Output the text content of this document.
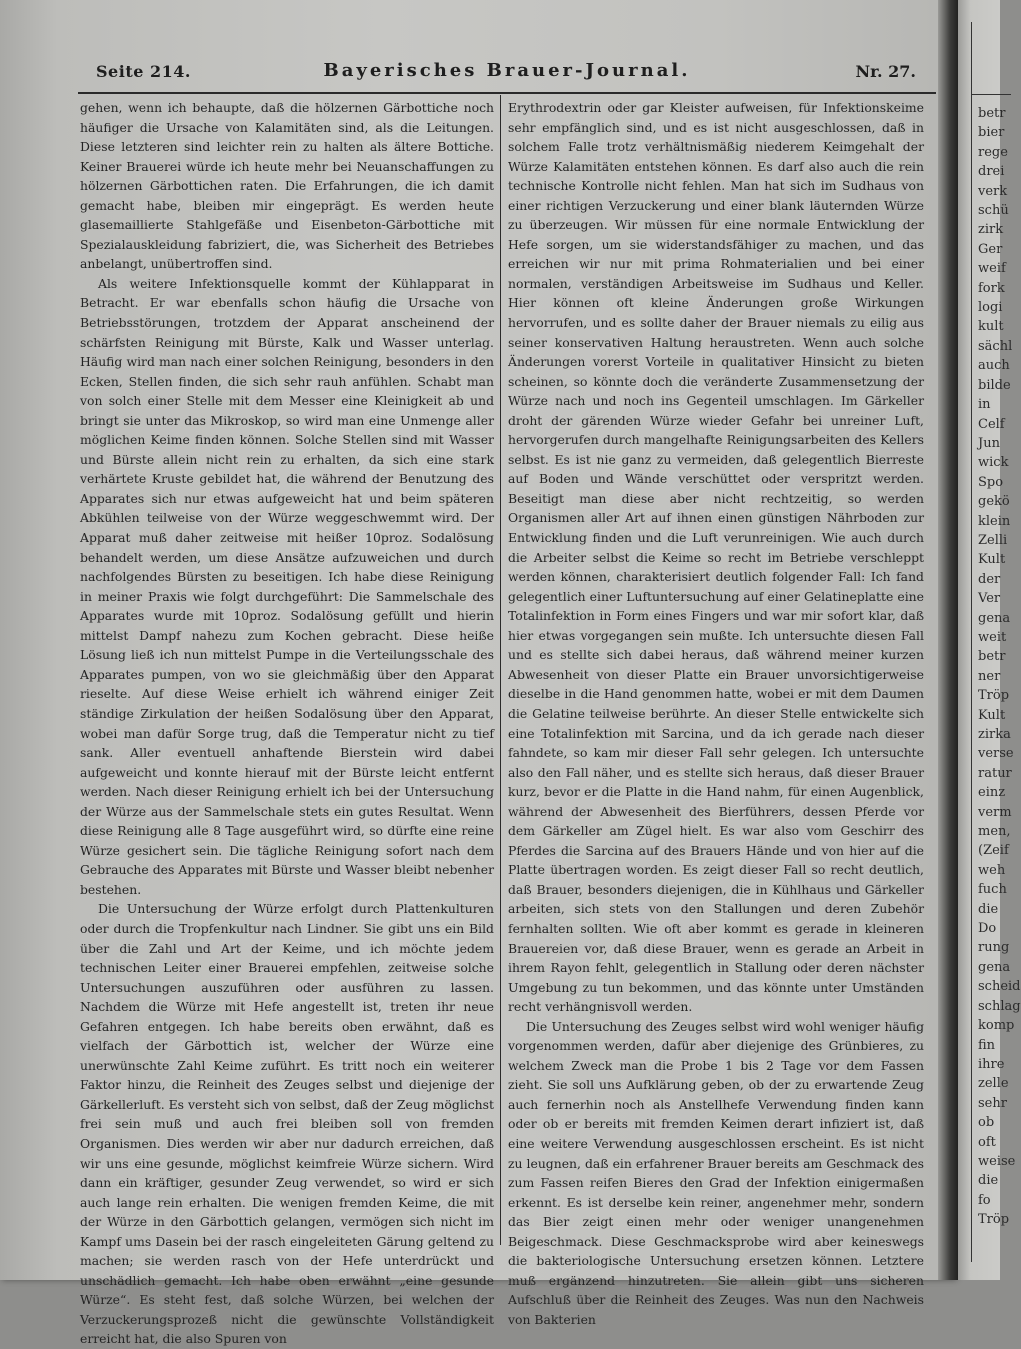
Seite 214.	Bayerisches Brauer-Journal.	Nr. 27.

gehen, wenn ich behaupte, daß die hölzernen Gärbottiche noch häufiger die Ursache von Kalamitäten sind, als die Leitungen. Diese letzteren sind leichter rein zu halten als ältere Bottiche. Keiner Brauerei würde ich heute mehr bei Neuanschaffungen zu hölzernen Gärbottichen raten. Die Erfahrungen, die ich damit gemacht habe, bleiben mir eingeprägt. Es werden heute glasemaillierte Stahlgefäße und Eisenbeton-Gärbottiche mit Spezialauskleidung fabriziert, die, was Sicherheit des Betriebes anbelangt, unübertroffen sind.

Als weitere Infektionsquelle kommt der Kühlapparat in Betracht. Er war ebenfalls schon häufig die Ursache von Betriebsstörungen, trotzdem der Apparat anscheinend der schärfsten Reinigung mit Bürste, Kalk und Wasser unterlag. Häufig wird man nach einer solchen Reinigung, besonders in den Ecken, Stellen finden, die sich sehr rauh anfühlen. Schabt man von solch einer Stelle mit dem Messer eine Kleinigkeit ab und bringt sie unter das Mikroskop, so wird man eine Unmenge aller möglichen Keime finden können. Solche Stellen sind mit Wasser und Bürste allein nicht rein zu erhalten, da sich eine stark verhärtete Kruste gebildet hat, die während der Benutzung des Apparates sich nur etwas aufgeweicht hat und beim späteren Abkühlen teilweise von der Würze weggeschwemmt wird. Der Apparat muß daher zeitweise mit heißer 10proz. Sodalösung behandelt werden, um diese Ansätze aufzuweichen und durch nachfolgendes Bürsten zu beseitigen. Ich habe diese Reinigung in meiner Praxis wie folgt durchgeführt: Die Sammelschale des Apparates wurde mit 10proz. Sodalösung gefüllt und hierin mittelst Dampf nahezu zum Kochen gebracht. Diese heiße Lösung ließ ich nun mittelst Pumpe in die Verteilungsschale des Apparates pumpen, von wo sie gleichmäßig über den Apparat rieselte. Auf diese Weise erhielt ich während einiger Zeit ständige Zirkulation der heißen Sodalösung über den Apparat, wobei man dafür Sorge trug, daß die Temperatur nicht zu tief sank. Aller eventuell anhaftende Bierstein wird dabei aufgeweicht und konnte hierauf mit der Bürste leicht entfernt werden. Nach dieser Reinigung erhielt ich bei der Untersuchung der Würze aus der Sammelschale stets ein gutes Resultat. Wenn diese Reinigung alle 8 Tage ausgeführt wird, so dürfte eine reine Würze gesichert sein. Die tägliche Reinigung sofort nach dem Gebrauche des Apparates mit Bürste und Wasser bleibt nebenher bestehen.

Die Untersuchung der Würze erfolgt durch Plattenkulturen oder durch die Tropfenkultur nach Lindner. Sie gibt uns ein Bild über die Zahl und Art der Keime, und ich möchte jedem technischen Leiter einer Brauerei empfehlen, zeitweise solche Untersuchungen auszuführen oder ausführen zu lassen. Nachdem die Würze mit Hefe angestellt ist, treten ihr neue Gefahren entgegen. Ich habe bereits oben erwähnt, daß es vielfach der Gärbottich ist, welcher der Würze eine unerwünschte Zahl Keime zuführt. Es tritt noch ein weiterer Faktor hinzu, die Reinheit des Zeuges selbst und diejenige der Gärkellerluft. Es versteht sich von selbst, daß der Zeug möglichst frei sein muß und auch frei bleiben soll von fremden Organismen. Dies werden wir aber nur dadurch erreichen, daß wir uns eine gesunde, möglichst keimfreie Würze sichern. Wird dann ein kräftiger, gesunder Zeug verwendet, so wird er sich auch lange rein erhalten. Die wenigen fremden Keime, die mit der Würze in den Gärbottich gelangen, vermögen sich nicht im Kampf ums Dasein bei der rasch eingeleiteten Gärung geltend zu machen; sie werden rasch von der Hefe unterdrückt und unschädlich gemacht. Ich habe oben erwähnt „eine gesunde Würze“. Es steht fest, daß solche Würzen, bei welchen der Verzuckerungsprozeß nicht die gewünschte Vollständigkeit erreicht hat, die also Spuren von

Erythrodextrin oder gar Kleister aufweisen, für Infektionskeime sehr empfänglich sind, und es ist nicht ausgeschlossen, daß in solchem Falle trotz verhältnismäßig niederem Keimgehalt der Würze Kalamitäten entstehen können. Es darf also auch die rein technische Kontrolle nicht fehlen. Man hat sich im Sudhaus von einer richtigen Verzuckerung und einer blank läuternden Würze zu überzeugen. Wir müssen für eine normale Entwicklung der Hefe sorgen, um sie widerstandsfähiger zu machen, und das erreichen wir nur mit prima Rohmaterialien und bei einer normalen, verständigen Arbeitsweise im Sudhaus und Keller. Hier können oft kleine Änderungen große Wirkungen hervorrufen, und es sollte daher der Brauer niemals zu eilig aus seiner konservativen Haltung heraustreten. Wenn auch solche Änderungen vorerst Vorteile in qualitativer Hinsicht zu bieten scheinen, so könnte doch die veränderte Zusammensetzung der Würze nach und noch ins Gegenteil umschlagen. Im Gärkeller droht der gärenden Würze wieder Gefahr bei unreiner Luft, hervorgerufen durch mangelhafte Reinigungsarbeiten des Kellers selbst. Es ist nie ganz zu vermeiden, daß gelegentlich Bierreste auf Boden und Wände verschüttet oder verspritzt werden. Beseitigt man diese aber nicht rechtzeitig, so werden Organismen aller Art auf ihnen einen günstigen Nährboden zur Entwicklung finden und die Luft verunreinigen. Wie auch durch die Arbeiter selbst die Keime so recht im Betriebe verschleppt werden können, charakterisiert deutlich folgender Fall: Ich fand gelegentlich einer Luftuntersuchung auf einer Gelatineplatte eine Totalinfektion in Form eines Fingers und war mir sofort klar, daß hier etwas vorgegangen sein mußte. Ich untersuchte diesen Fall und es stellte sich dabei heraus, daß während meiner kurzen Abwesenheit von dieser Platte ein Brauer unvorsichtigerweise dieselbe in die Hand genommen hatte, wobei er mit dem Daumen die Gelatine teilweise berührte. An dieser Stelle entwickelte sich eine Totalinfektion mit Sarcina, und da ich gerade nach dieser fahndete, so kam mir dieser Fall sehr gelegen. Ich untersuchte also den Fall näher, und es stellte sich heraus, daß dieser Brauer kurz, bevor er die Platte in die Hand nahm, für einen Augenblick, während der Abwesenheit des Bierführers, dessen Pferde vor dem Gärkeller am Zügel hielt. Es war also vom Geschirr des Pferdes die Sarcina auf des Brauers Hände und von hier auf die Platte übertragen worden. Es zeigt dieser Fall so recht deutlich, daß Brauer, besonders diejenigen, die in Kühlhaus und Gärkeller arbeiten, sich stets von den Stallungen und deren Zubehör fernhalten sollten. Wie oft aber kommt es gerade in kleineren Brauereien vor, daß diese Brauer, wenn es gerade an Arbeit in ihrem Rayon fehlt, gelegentlich in Stallung oder deren nächster Umgebung zu tun bekommen, und das könnte unter Umständen recht verhängnisvoll werden.

Die Untersuchung des Zeuges selbst wird wohl weniger häufig vorgenommen werden, dafür aber diejenige des Grünbieres, zu welchem Zweck man die Probe 1 bis 2 Tage vor dem Fassen zieht. Sie soll uns Aufklärung geben, ob der zu erwartende Zeug auch fernerhin noch als Anstellhefe Verwendung finden kann oder ob er bereits mit fremden Keimen derart infiziert ist, daß eine weitere Verwendung ausgeschlossen erscheint. Es ist nicht zu leugnen, daß ein erfahrener Brauer bereits am Geschmack des zum Fassen reifen Bieres den Grad der Infektion einigermaßen erkennt. Es ist derselbe kein reiner, angenehmer mehr, sondern das Bier zeigt einen mehr oder weniger unangenehmen Beigeschmack. Diese Geschmacksprobe wird aber keineswegs die bakteriologische Untersuchung ersetzen können. Letztere muß ergänzend hinzutreten. Sie allein gibt uns sicheren Aufschluß über die Reinheit des Zeuges. Was nun den Nachweis von Bakterien

betr
bier
rege
drei
verk
schü
zirk
Ger
weif
fork
logi
kult
sächl
auch
bilde
in
Celf
Jun
wick
Spo
gekö
klein
Zelli
Kult
der
Ver
gena
weit
betr
ner
Tröp
Kult
zirka
verse
ratur
einz
verm
men,
(Zeif
weh
fuch
die
Do
rung
gena
scheid
schlag
komp
fin
ihre
zelle
sehr
ob
oft
weise
die
fo
Tröp
